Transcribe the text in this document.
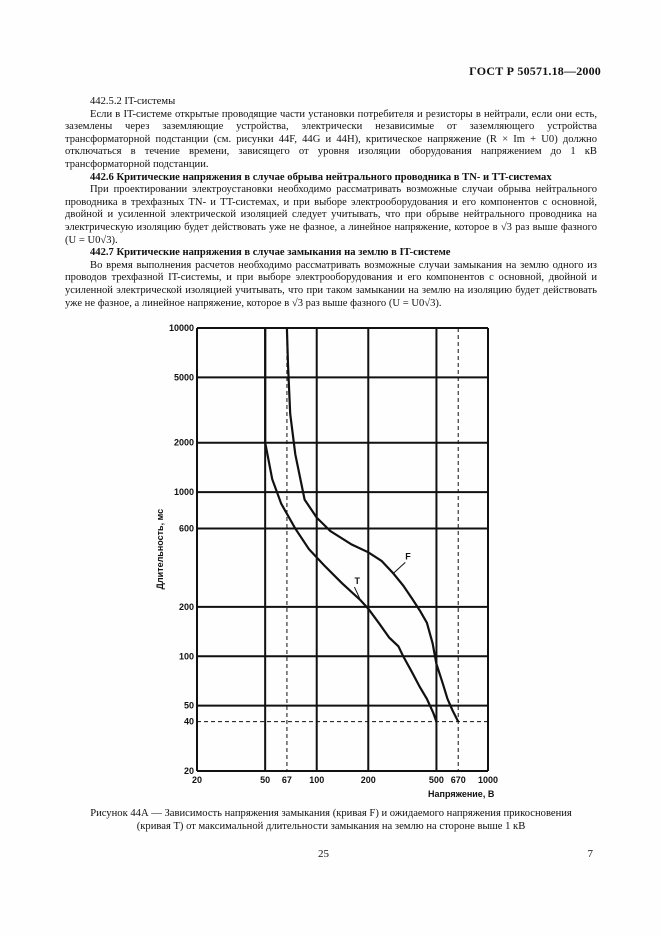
ГОСТ Р 50571.18—2000

442.5.2 IT-системы

Если в IT-системе открытые проводящие части установки потребителя и резисторы в нейтрали, если они есть, заземлены через заземляющие устройства, электрически независимые от заземляющего устройства трансформаторной подстанции (см. рисунки 44F, 44G и 44H), критическое напряжение (R × Im + U0) должно отключаться в течение времени, зависящего от уровня изоляции оборудования напряжением до 1 кВ трансформаторной подстанции.

442.6 Критические напряжения в случае обрыва нейтрального проводника в TN- и TT-системах

При проектировании электроустановки необходимо рассматривать возможные случаи обрыва нейтрального проводника в трехфазных TN- и TT-системах, и при выборе электрооборудования и его компонентов с основной, двойной и усиленной электрической изоляцией следует учитывать, что при обрыве нейтрального проводника на электрическую изоляцию будет действовать уже не фазное, а линейное напряжение, которое в √3 раз выше фазного (U = U0√3).

442.7 Критические напряжения в случае замыкания на землю в IT-системе

Во время выполнения расчетов необходимо рассматривать возможные случаи замыкания на землю одного из проводов трехфазной IT-системы, и при выборе электрооборудования и его компонентов с основной, двойной и усиленной электрической изоляцией учитывать, что при таком замыкании на землю на изоляцию будет действовать уже не фазное, а линейное напряжение, которое в √3 раз выше фазного (U = U0√3).

20	50 67 100	200	500 670 1000
20
40
50
100
200
600
1000
2000
5000
10000
Напряжение, В
Длительность, мс	F
T
Рисунок 44А — Зависимость напряжения замыкания (кривая F) и ожидаемого напряжения прикосновения
(кривая T) от максимальной длительности замыкания на землю на стороне выше 1 кВ
25	7
